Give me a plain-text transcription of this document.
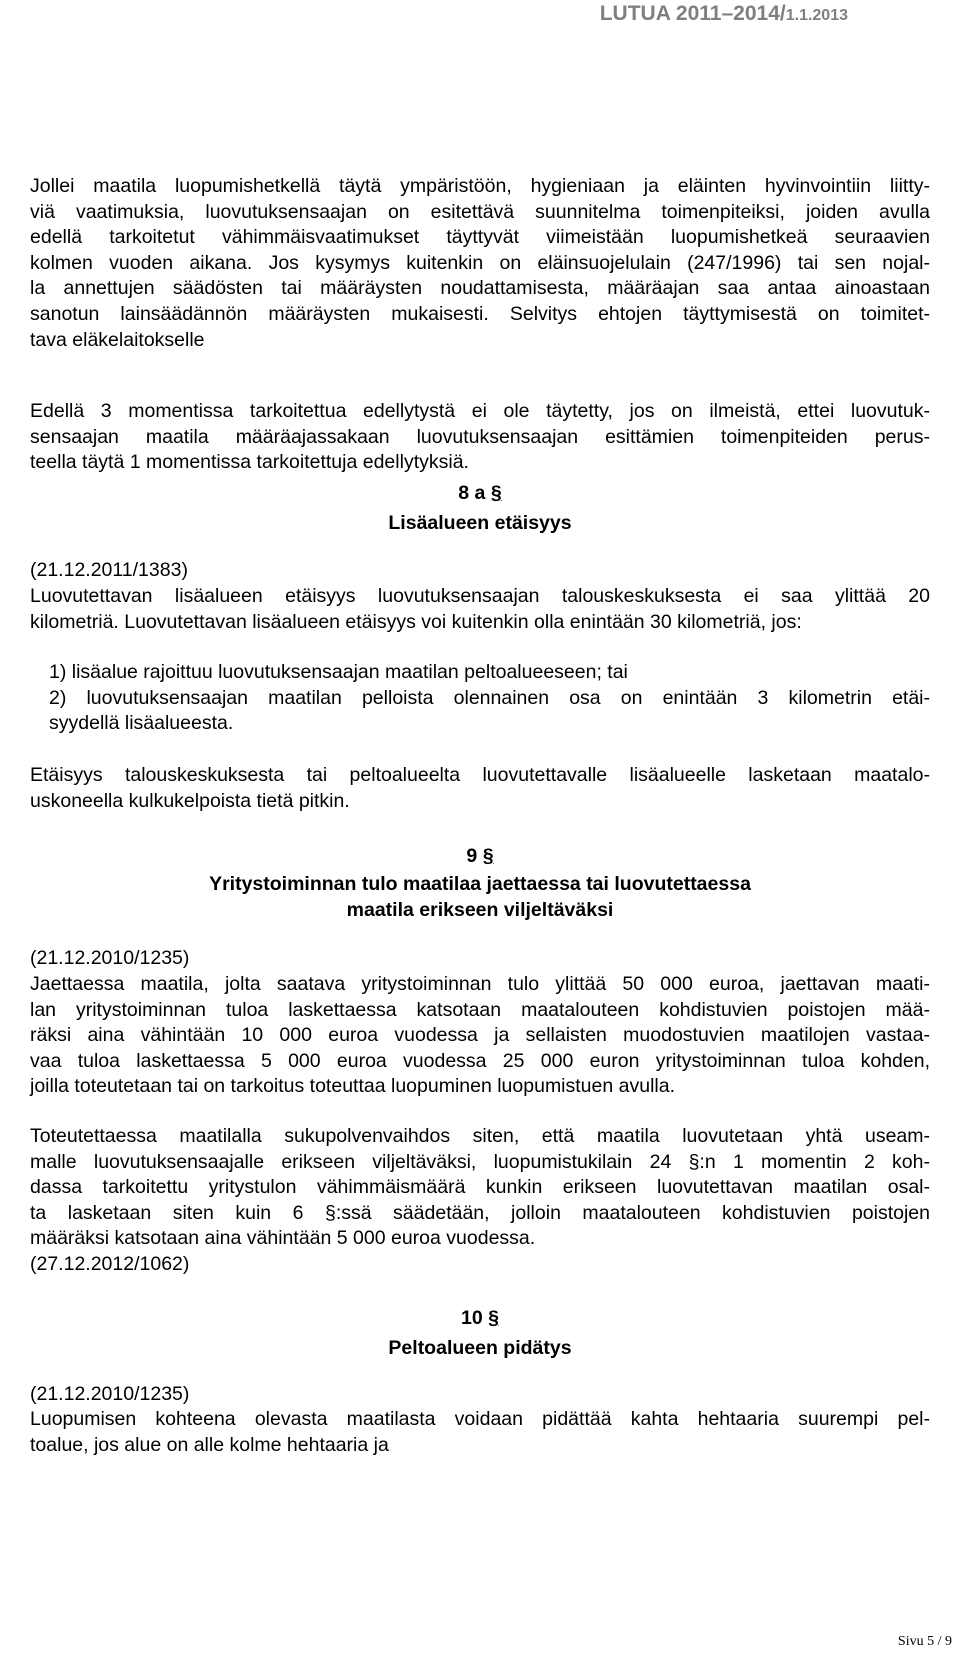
LUTUA 2011–2014/1.1.2013
Jollei maatila luopumishetkellä täytä ympäristöön, hygieniaan ja eläinten hyvinvointiin liitty-
viä vaatimuksia, luovutuksensaajan on esitettävä suunnitelma toimenpiteiksi, joiden avulla
edellä tarkoitetut vähimmäisvaatimukset täyttyvät viimeistään luopumishetkeä seuraavien
kolmen vuoden aikana. Jos kysymys kuitenkin on eläinsuojelulain (247/1996) tai sen nojal-
la annettujen säädösten tai määräysten noudattamisesta, määräajan saa antaa ainoastaan
sanotun lainsäädännön määräysten mukaisesti. Selvitys ehtojen täyttymisestä on toimitet-
tava eläkelaitokselle
Edellä 3 momentissa tarkoitettua edellytystä ei ole täytetty, jos on ilmeistä, ettei luovutuk-
sensaajan maatila määräajassakaan luovutuksensaajan esittämien toimenpiteiden perus-
teella täytä 1 momentissa tarkoitettuja edellytyksiä.
8 a §
Lisäalueen etäisyys
(21.12.2011/1383)
Luovutettavan lisäalueen etäisyys luovutuksensaajan talouskeskuksesta ei saa ylittää 20
kilometriä. Luovutettavan lisäalueen etäisyys voi kuitenkin olla enintään 30 kilometriä, jos:
1) lisäalue rajoittuu luovutuksensaajan maatilan peltoalueeseen; tai
2) luovutuksensaajan maatilan pelloista olennainen osa on enintään 3 kilometrin etäi-
syydellä lisäalueesta.
Etäisyys talouskeskuksesta tai peltoalueelta luovutettavalle lisäalueelle lasketaan maatalo-
uskoneella kulkukelpoista tietä pitkin.
9 §
Yritystoiminnan tulo maatilaa jaettaessa tai luovutettaessa
maatila erikseen viljeltäväksi
(21.12.2010/1235)
Jaettaessa maatila, jolta saatava yritystoiminnan tulo ylittää 50 000 euroa, jaettavan maati-
lan yritystoiminnan tuloa laskettaessa katsotaan maatalouteen kohdistuvien poistojen mää-
räksi aina vähintään 10 000 euroa vuodessa ja sellaisten muodostuvien maatilojen vastaa-
vaa tuloa laskettaessa 5 000 euroa vuodessa 25 000 euron yritystoiminnan tuloa kohden,
joilla toteutetaan tai on tarkoitus toteuttaa luopuminen luopumistuen avulla.
Toteutettaessa maatilalla sukupolvenvaihdos siten, että maatila luovutetaan yhtä useam-
malle luovutuksensaajalle erikseen viljeltäväksi, luopumistukilain 24 §:n 1 momentin 2 koh-
dassa tarkoitettu yritystulon vähimmäismäärä kunkin erikseen luovutettavan maatilan osal-
ta lasketaan siten kuin 6 §:ssä säädetään, jolloin maatalouteen kohdistuvien poistojen
määräksi katsotaan aina vähintään 5 000 euroa vuodessa.
(27.12.2012/1062)
10 §
Peltoalueen pidätys
(21.12.2010/1235)
Luopumisen kohteena olevasta maatilasta voidaan pidättää kahta hehtaaria suurempi pel-
toalue, jos alue on alle kolme hehtaaria ja
Sivu 5 / 9
